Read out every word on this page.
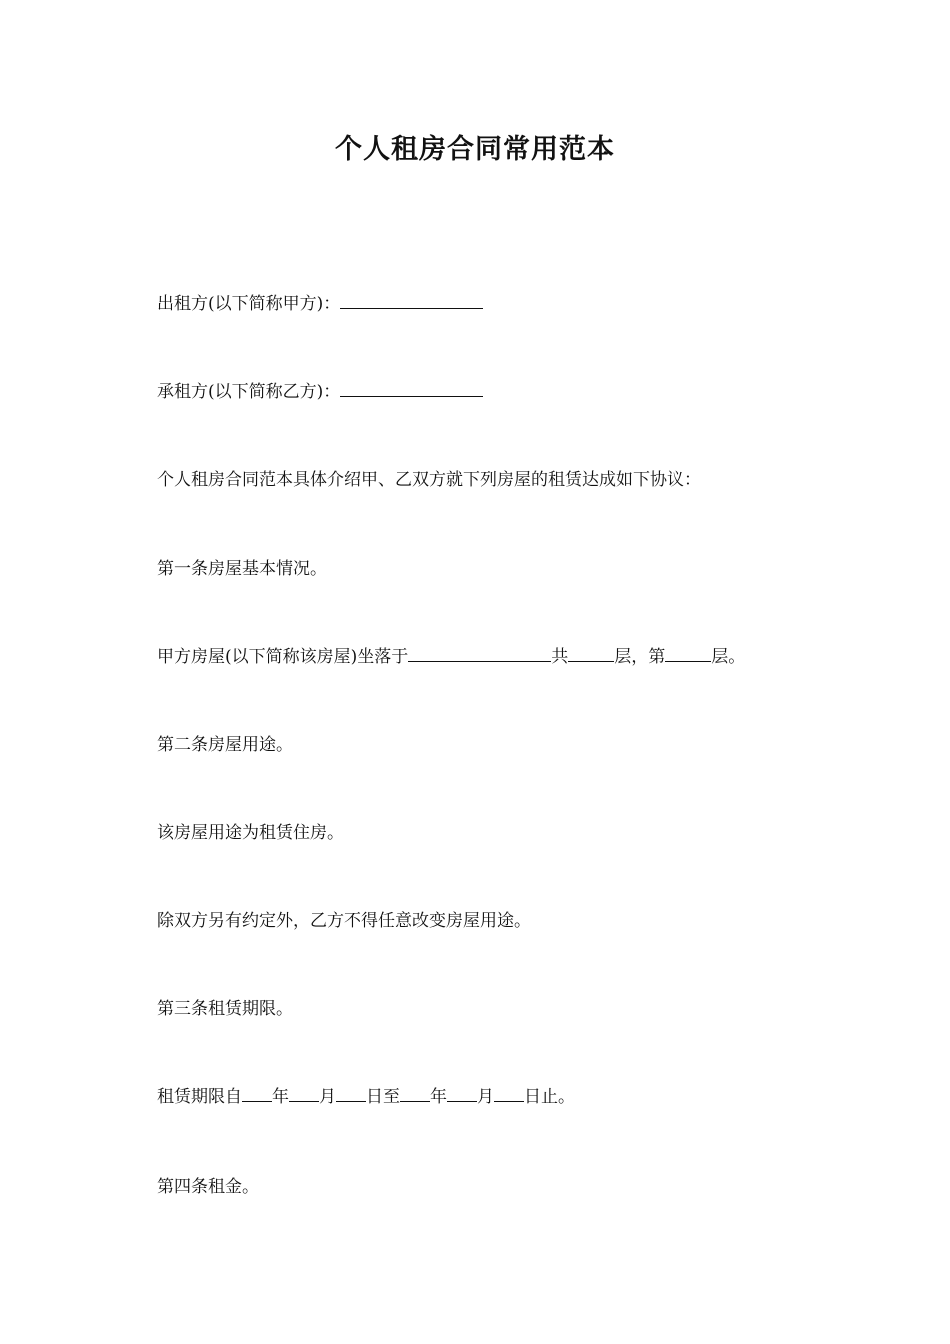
个人租房合同常用范本

出租方(以下简称甲方)：

承租方(以下简称乙方)：

个人租房合同范本具体介绍甲、乙双方就下列房屋的租赁达成如下协议：

第一条房屋基本情况。

甲方房屋(以下简称该房屋)坐落于	共	层，第	层。

第二条房屋用途。

该房屋用途为租赁住房。

除双方另有约定外，乙方不得任意改变房屋用途。

第三条租赁期限。

租赁期限自 年 月 日至 年 月 日止。

第四条租金。
